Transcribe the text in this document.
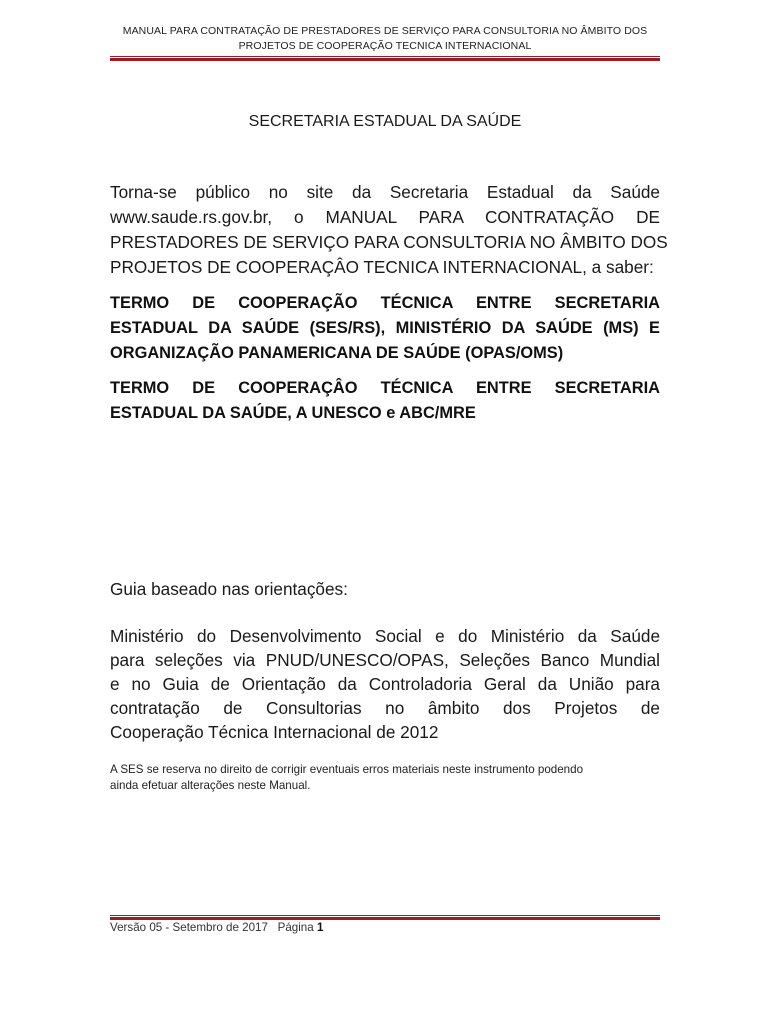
MANUAL PARA CONTRATAÇÃO DE PRESTADORES DE SERVIÇO PARA CONSULTORIA NO ÂMBITO DOS
PROJETOS DE COOPERAÇÃO TECNICA INTERNACIONAL
SECRETARIA ESTADUAL DA SAÚDE
Torna-se público no site da Secretaria Estadual da Saúde
www.saude.rs.gov.br, o MANUAL PARA CONTRATAÇÃO DE
PRESTADORES DE SERVIÇO PARA CONSULTORIA NO ÂMBITO DOS
PROJETOS DE COOPERAÇÂO TECNICA INTERNACIONAL, a saber:
TERMO DE COOPERAÇÃO TÉCNICA ENTRE SECRETARIA
ESTADUAL DA SAÚDE (SES/RS), MINISTÉRIO DA SAÚDE (MS) E
ORGANIZAÇÃO PANAMERICANA DE SAÚDE (OPAS/OMS)
TERMO DE COOPERAÇÂO TÉCNICA ENTRE SECRETARIA
ESTADUAL DA SAÚDE, A UNESCO e ABC/MRE
Guia baseado nas orientações:
Ministério do Desenvolvimento Social e do Ministério da Saúde
para seleções via PNUD/UNESCO/OPAS, Seleções Banco Mundial
e no Guia de Orientação da Controladoria Geral da União para
contratação de Consultorias no âmbito dos Projetos de
Cooperação Técnica Internacional de 2012
A SES se reserva no direito de corrigir eventuais erros materiais neste instrumento podendo
ainda efetuar alterações neste Manual.
Versão 05 - Setembro de 2017 Página 1
